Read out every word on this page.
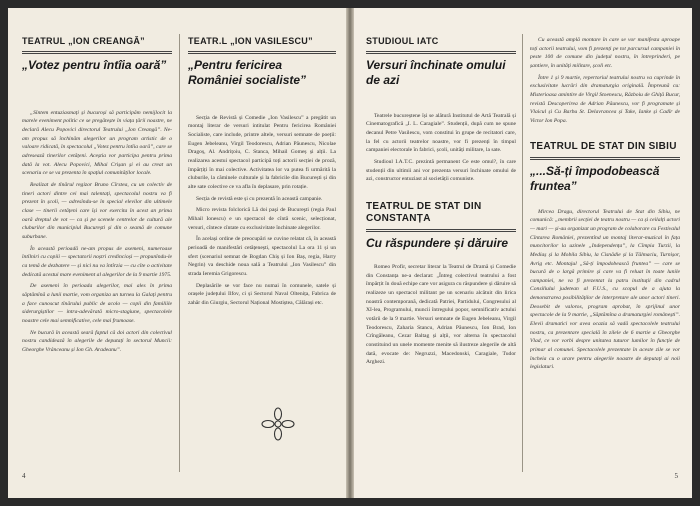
TEATRUL „ION CREANGĂ”
„Votez pentru întîia oară”

„Sîntem entuziasmați și bucuroși să participăm nemijlocit la marele eveniment politic ce se pregătește în viața țării noastre, ne declară Alecu Popovici directorul Teatrului „Ion Creangă”. Ne-am propus să închinăm alegerilor un program artistic de o valoare ridicată, în spectacolul „Votez pentru întîia oară”, care se adresează tinerilor cetățeni. Aceștia vor participa pentru prima dată la vot. Alecu Popovici, Mihai Crișan și ei au creat un scenariu ce se va prezenta în spațiul comunităților locale.

Realizat de tînărul regizor Bruno Cîrstea, cu un colectiv de tineri actori dintre cei mai talentați, spectacolul nostru va fi prezent în școli, — adresîndu-se în special elevilor din ultimele clase — tinerii cetățeni care își vor exercita în acest an prima oară dreptul de vot — ca și pe scenele centrelor de cultură ale cluburilor din municipiul București și din o seamă de comune suburbane.

În această perioadă ne-am propus de asemeni, numeroase întîlniri cu copiii — spectatorii noștri credincioși — propunîndu-le ca temă de dezbatere — și nici nu va întîrzia — cu cîte o activitate dedicată acestui mare eveniment al alegerilor de la 9 martie 1975.

De asemeni în perioada alegerilor, mai ales în prima săptămînă a lunii martie, vom organiza un turneu la Galați pentru a face cunoscut tînărului public de acolo — copii din familiile siderurgiștilor — intra-adevărată micro-stagiune, spectacolele noastre cele mai semnificative, cele mai frumoase.

Ne bucură în această seară faptul că doi actori din colectivul nostru candidează în alegerile de deputați în sectorul Muncii: Gheorghe Vrânceanu și Ion Gh. Aradeanu”.

TEATR.L „ION VASILESCU”
„Pentru fericirea României socialiste”

Secția de Revistă și Comedie „Ion Vasilescu” a pregătit un montaj literar de versuri intitulat Pentru fericirea României Socialiste, care include, printre altele, versuri semnate de poeții: Eugen Jebeleanu, Virgil Teodorescu, Adrian Păunescu, Nicolae Dragoș, Al. Andrițoiu, C. Stanca, Mihail Gomeș și alții. La realizarea acestui spectacol participă toți actorii secției de proză, împărțiți în mai colective. Activitatea lor va putea fi urmărită la cluburile, la căminele culturale și la fabricile din București și din alte sate colective ce va afla în deplasare, prin rotație.

Secția de revistă este și cu prezentă în această campanie.

Micro revista folclorică Lă doi paşi de Bucureşti (regia Paul Mihail Ionescu) e un spectacol de cîntă scenic, selecționat, versuri, cîntece cîntate cu exclusivitate închinate alegerilor.

În același ordine de preocupări se cuvine relatat că, în această perioadă de manifestări cetățenești, spectacolul La ora 11 și un sfert (scenariul semnat de Bogdan Chiș și Ion Baș, regia, Harry Negrin) va deschide noua sală a Teatrului „Ion Vasilescu” din strada Ieremia Grigorescu.

Deplasările se vor face nu numai în comunele, satele și orașele județului Ilfov, ci și Sectorul Naval Oltenița, Fabrica de zahăr din Giurgiu, Sectorul Național Mostiștea, Călărași etc.

4
STUDIOUL IATC
Versuri închinate omului de azi

Teatrele bucureștene își se alătură Institutul de Artă Teatrală și Cinematografică „I. L. Caragiale”. Studenții, după cum ne spune decanul Petre Vasilescu, vom constitui în grupe de recitatori care, la fel cu actorii teatrelor noastre, vor fi prezenți în timpul campaniei electorale în fabrici, școli, unități militare, la sate.

Studioul I.A.T.C. prezintă permanent Ce este omul?, în care studenții din ultimii ani vor prezenta versuri închinate omului de azi, constructor entuziast al societății comuniste.

TEATRUL DE STAT DIN CONSTANȚA
Cu răspundere și dăruire

Romeo Profir, secretar literar la Teatrul de Dramă și Comedie din Constanța ne-a declarat: „Întreg colectivul teatrului a fost împărțit în două echipe care vor asigura cu răspundere și dăruire să realizeze un spectacol militant pe un scenariu alcătuit din lirica noastră contemporană, dedicată Patriei, Partidului, Congresului al XI-lea, Programului, muncii întregului popor, semnificativ actului votării de la 9 martie. Versuri semnate de Eugen Jebeleanu, Virgil Teodorescu, Zaharia Stancu, Adrian Păunescu, Ion Brad, Ion Crîngăleanu, Cezar Baltag și alții, vor alterna în spectacolul constituind un unele momente menite să ilustreze alegerile de altă dată, evocate de: Negruzzi, Macedonski, Caragiale, Tudor Arghezi.

Cu această amplă montare în care se vor manifesta aproape toți actorii teatrului, vom fi prezenți pe tot parcursul campaniei în peste 100 de comune din județul nostru, în întreprinderi, pe șantiere, în unități militare, școli etc.

Între 1 și 9 martie, repertoriul teatrului nostru va cuprinde în exclusivitate lucrări din dramaturgia originală. Împreună cu: Misterioasa amintire de Virgil Stoenescu, Războiu de Ghiță Bucur, revistă Descoperirea de Adrian Păunescu, vor fi programate și Vlaicul și Cu Barbu St. Delavrancea și Take, Ianke și Cadîr de Victor Ion Popa.

TEATRUL DE STAT DIN SIBIU
„...Să-ți împodobească fruntea”

Mircea Dragu, directorul Teatrului de Stat din Sibiu, ne comunică: „membrii secției de teatru nostru — ca și ceilalți actori — mari — și-au organizat un program de colaborare cu Festivalul Cîntarea României, prezentînd un montaj literar-muzical în fața muncitorilor la uzinele „Independența”, la Cîmpia Turzii, la Mediaș și la Mobila Sibiu, la Cisnădie și la Tălmaciu, Turnișor, Avrig etc. Montajul „Să-ți împodobească fruntea” — care se bucură de o largă primire și care va fi reluat în toate lunile campaniei, ne va fi prezentat la patru instituții din cadrul Consiliului judetean al F.U.S., cu scopul de a ajuta la demonstrarea posibilităților de interpretare ale unor actori tineri. Deosebit de valoros, program aprobat, în sprijinul unor spectacole de la 9 martie, „Săptămîna a dramaturgiei românești”. Elevii dramatici vor avea ocazia să vadă spectacolele teatrului nostru, ca prezentare specială în zilele de 6 martie a Gheorghe Vlad, ce vor vorbi despre unitatea tuturor lumilor în funcție de primar al comunei. Spectacolele prezentate în aceste zile se vor încheia cu o urare pentru alegerile noastre de deputați ai noii legislaturi.

5
